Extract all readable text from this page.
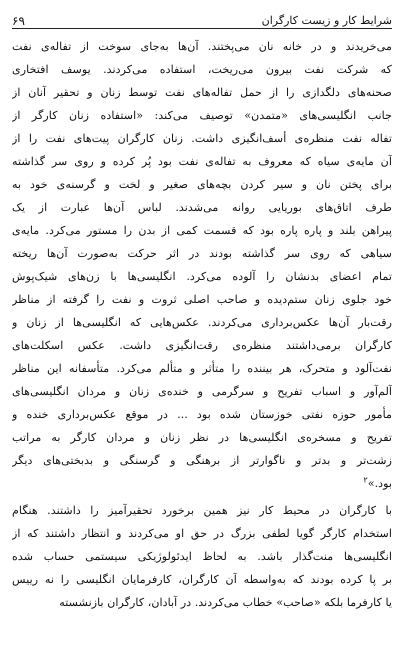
شرایط کار و زیست کارگران
۶۹
می‌خریدند و در خانه نان می‌پختند. آن‌ها به‌جای سوخت از تفاله‌ی نفت
که شرکت نفت بیرون می‌ریخت، استفاده می‌کردند. یوسف افتخاری
صحنه‌های دلگدازی را از حمل تفاله‌های نفت توسط زنان و تحقیر آنان از
جانب انگلیسی‌های «متمدن» توصیف می‌کند: «استفاده زنان کارگر از
تفاله نفت منظره‌ی أسف‌انگیزی داشت. زنان کارگران پیت‌های نفت را از
آن مایه‌ی سیاه که معروف به تفاله‌ی نفت بود پُر کرده و روی سر گذاشته
برای پختن نان و سیر کردن بچه‌های صغیر و لخت و گرسنه‌ی خود به
طرف اتاق‌های بوریایی روانه می‌شدند. لباس آن‌ها عبارت از یک
پیراهن بلند و پاره پاره بود که قسمت کمی از بدن را مستور می‌کرد. مایه‌ی
سیاهی که روی سر گذاشته بودند در اثر حرکت به‌صورت آن‌ها ریخته
تمام اعضای بدنشان را آلوده می‌کرد. انگلیسی‌ها با زن‌های شیک‌پوش
خود جلوی زنان ستم‌دیده و صاحب اصلی ثروت و نفت را گرفته از مناظر
رقت‌بار آن‌ها عکس‌برداری می‌کردند. عکس‌هایی که انگلیسی‌ها از زنان و
کارگران برمی‌داشتند منظره‌ی رقت‌انگیزی داشت. عکس اسکلت‌های
نفت‌آلود و متحرک، هر بیننده را متأثر و متألم می‌کرد. متأسفانه این مناظر
آلم‌آور و اسباب تفریح و سرگرمی و خنده‌ی زنان و مردان انگلیسی‌های
مأمور حوزه نفتی خوزستان شده بود ... در موقع عکس‌برداری خنده و
تفریح و مسخره‌ی انگلیسی‌ها در نظر زنان و مردان کارگر به مراتب
زشت‌تر و بدتر و ناگوارتر از برهنگی و گرسنگی و بدبختی‌های دیگر
بود.»$^۲$
با کارگران در محیط کار نیز همین برخورد تحقیرآمیز را داشتند. هنگام
استخدام کارگر گویا لطفی بزرگ در حق او می‌کردند و انتظار داشتند که از
انگلیسی‌ها منت‌گذار باشد. به لحاظ ایدئولوژیکی سیستمی حساب شده
بر پا کرده بودند که به‌واسطه آن کارگران، کارفرمایان انگلیسی را نه رییس
یا کارفرما بلکه «صاحب» خطاب می‌کردند. در آبادان، کارگران بازنشسته
